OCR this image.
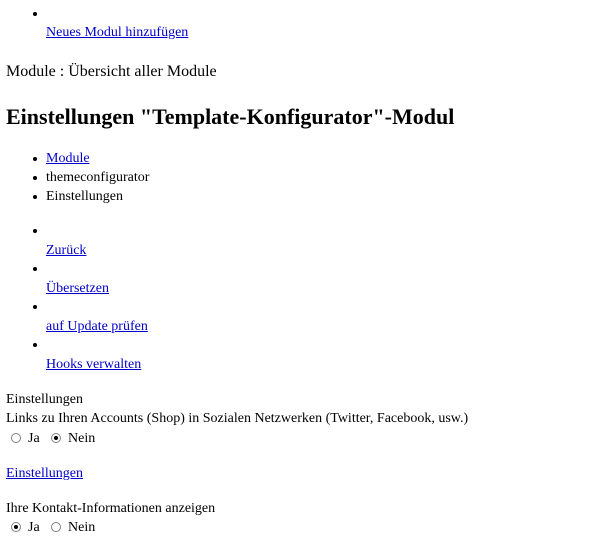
Neues Modul hinzufügen
Module : Übersicht aller Module
Einstellungen "Template-Konfigurator"-Modul
Module
themeconfigurator
Einstellungen
Zurück
Übersetzen
auf Update prüfen
Hooks verwalten
Einstellungen
Links zu Ihren Accounts (Shop) in Sozialen Netzwerken (Twitter, Facebook, usw.)
Ja Nein
Einstellungen
Ihre Kontakt-Informationen anzeigen
Ja Nein
